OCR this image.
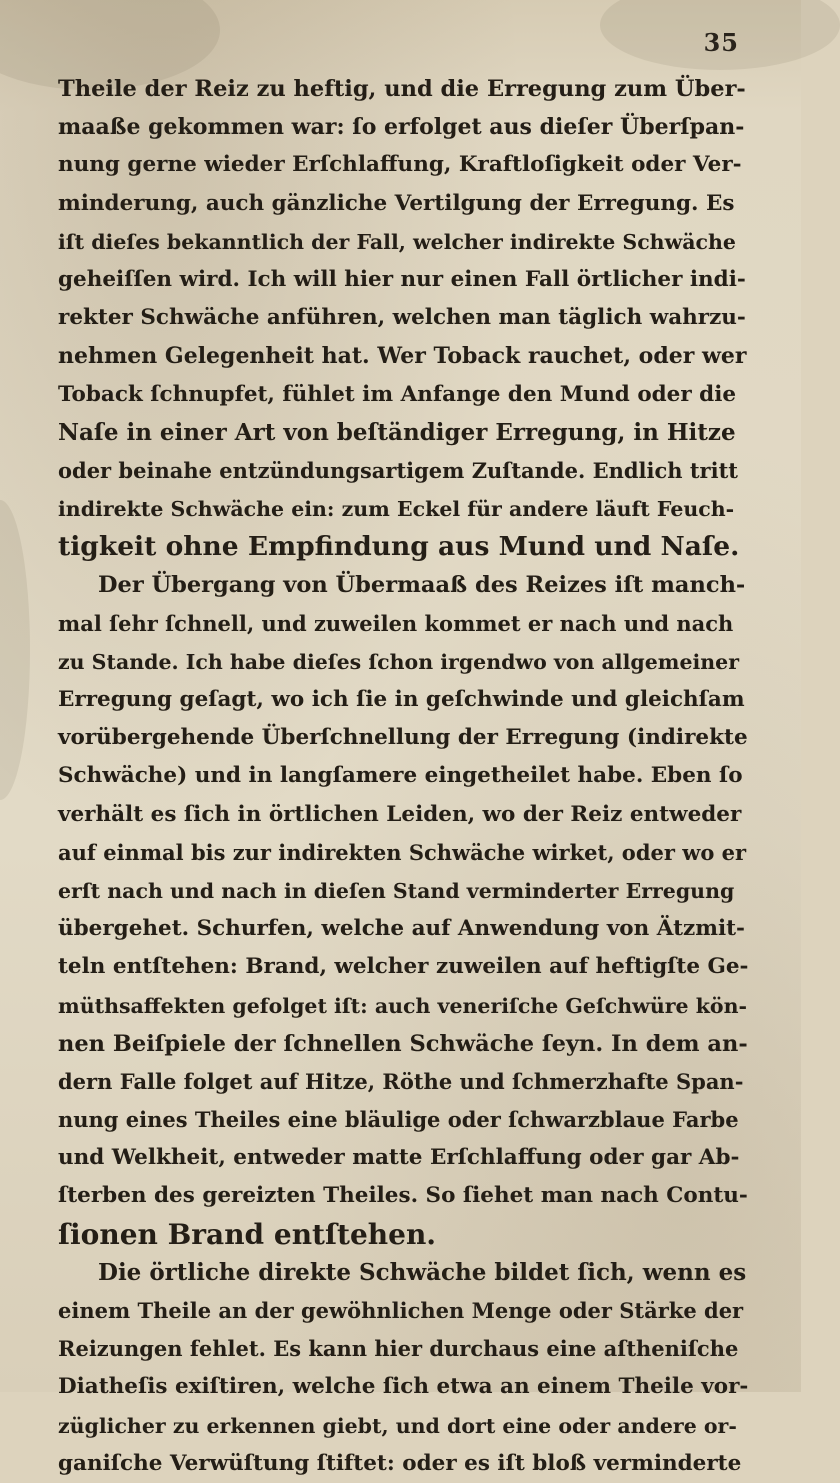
35
Theile der Reiz zu heftig, und die Erregung zum Über-
maaße gekommen war: ſo erfolget aus dieſer Überſpan-
nung gerne wieder Erſchlaffung, Kraftloſigkeit oder Ver-
minderung, auch gänzliche Vertilgung der Erregung. Es
iſt dieſes bekanntlich der Fall, welcher indirekte Schwäche
geheiſſen wird. Ich will hier nur einen Fall örtlicher indi-
rekter Schwäche anführen, welchen man täglich wahrzu-
nehmen Gelegenheit hat. Wer Toback rauchet, oder wer
Toback ſchnupfet, fühlet im Anfange den Mund oder die
Naſe in einer Art von beſtändiger Erregung, in Hitze
oder beinahe entzündungsartigem Zuſtande. Endlich tritt
indirekte Schwäche ein: zum Eckel für andere läuft Feuch-
tigkeit ohne Empfindung aus Mund und Naſe.
Der Übergang von Übermaaß des Reizes iſt manch-
mal ſehr ſchnell, und zuweilen kommet er nach und nach
zu Stande. Ich habe dieſes ſchon irgendwo von allgemeiner
Erregung geſagt, wo ich ſie in geſchwinde und gleichſam
vorübergehende Überſchnellung der Erregung (indirekte
Schwäche) und in langſamere eingetheilet habe. Eben ſo
verhält es ſich in örtlichen Leiden, wo der Reiz entweder
auf einmal bis zur indirekten Schwäche wirket, oder wo er
erſt nach und nach in dieſen Stand verminderter Erregung
übergehet. Schurfen, welche auf Anwendung von Ätzmit-
teln entſtehen: Brand, welcher zuweilen auf heftigſte Ge-
müthsaffekten gefolget iſt: auch veneriſche Geſchwüre kön-
nen Beiſpiele der ſchnellen Schwäche ſeyn. In dem an-
dern Falle folget auf Hitze, Röthe und ſchmerzhafte Span-
nung eines Theiles eine bläulige oder ſchwarzblaue Farbe
und Welkheit, entweder matte Erſchlaffung oder gar Ab-
ſterben des gereizten Theiles. So ſiehet man nach Contu-
ſionen Brand entſtehen.
Die örtliche direkte Schwäche bildet ſich, wenn es
einem Theile an der gewöhnlichen Menge oder Stärke der
Reizungen fehlet. Es kann hier durchaus eine aſtheniſche
Diatheſis exiſtiren, welche ſich etwa an einem Theile vor-
züglicher zu erkennen giebt, und dort eine oder andere or-
ganiſche Verwüſtung ſtiftet: oder es iſt bloß verminderte
